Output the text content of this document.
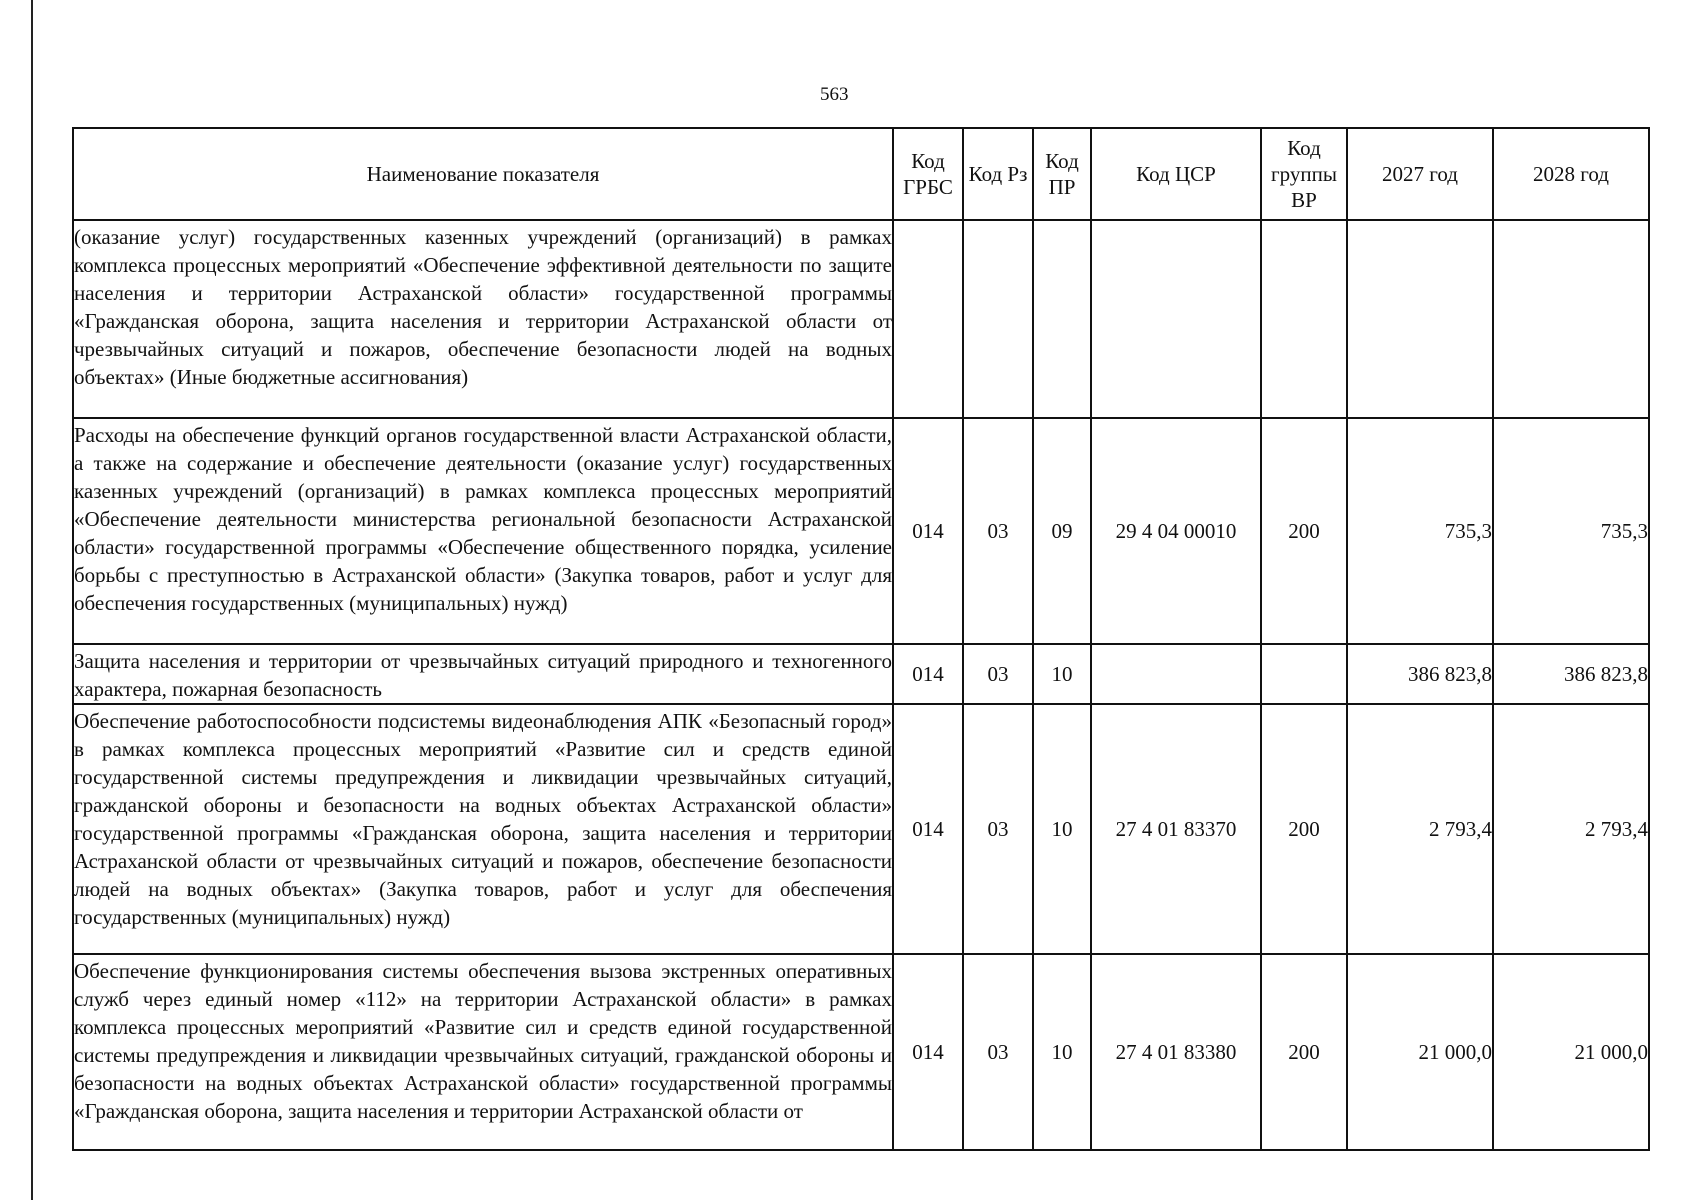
563
Наименование показателя	Код ГРБС	Код Рз	Код ПР	Код ЦСР	Код группы ВР	2027 год	2028 год
(оказание услуг) государственных казенных учреждений (организаций) в рамках комплекса процессных мероприятий «Обеспечение эффективной деятельности по защите населения и территории Астраханской области» государственной программы «Гражданская оборона, защита населения и территории Астраханской области от чрезвычайных ситуаций и пожаров, обеспечение безопасности людей на водных объектах» (Иные бюджетные ассигнования)							
Расходы на обеспечение функций органов государственной власти Астраханской области, а также на содержание и обеспечение деятельности (оказание услуг) государственных казенных учреждений (организаций) в рамках комплекса процессных мероприятий «Обеспечение деятельности министерства региональной безопасности Астраханской области» государственной программы «Обеспечение общественного порядка, усиление борьбы с преступностью в Астраханской области» (Закупка товаров, работ и услуг для обеспечения государственных (муниципальных) нужд)	014	03	09	29 4 04 00010	200	735,3	735,3
Защита населения и территории от чрезвычайных ситуаций природного и техногенного характера, пожарная безопасность	014	03	10			386 823,8	386 823,8
Обеспечение работоспособности подсистемы видеонаблюдения АПК «Безопасный город» в рамках комплекса процессных мероприятий «Развитие сил и средств единой государственной системы предупреждения и ликвидации чрезвычайных ситуаций, гражданской обороны и безопасности на водных объектах Астраханской области» государственной программы «Гражданская оборона, защита населения и территории Астраханской области от чрезвычайных ситуаций и пожаров, обеспечение безопасности людей на водных объектах» (Закупка товаров, работ и услуг для обеспечения государственных (муниципальных) нужд)	014	03	10	27 4 01 83370	200	2 793,4	2 793,4
Обеспечение функционирования системы обеспечения вызова экстренных оперативных служб через единый номер «112» на территории Астраханской области» в рамках комплекса процессных мероприятий «Развитие сил и средств единой государственной системы предупреждения и ликвидации чрезвычайных ситуаций, гражданской обороны и безопасности на водных объектах Астраханской области» государственной программы «Гражданская оборона, защита населения и территории Астраханской области от	014	03	10	27 4 01 83380	200	21 000,0	21 000,0
